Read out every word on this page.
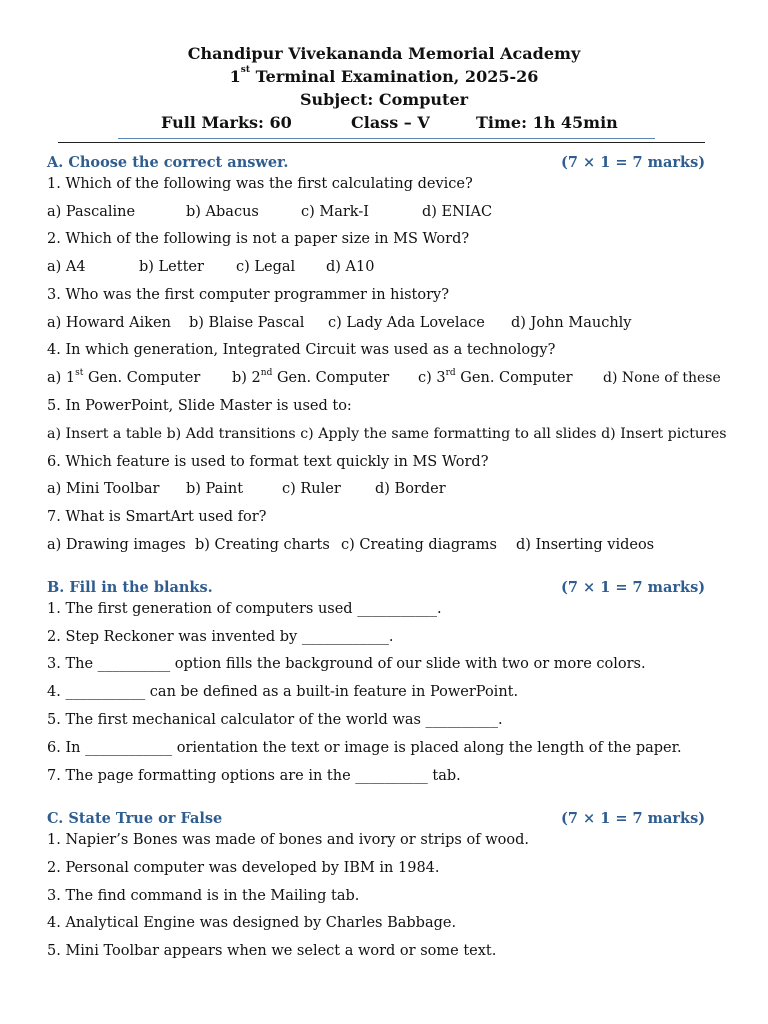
Chandipur Vivekananda Memorial Academy
1st Terminal Examination, 2025-26
Subject: Computer
Full Marks: 60	Class – V	Time: 1h 45min
A. Choose the correct answer.	(7 × 1 = 7 marks)
1. Which of the following was the first calculating device?
a) Pascaline	b) Abacus	c) Mark-I	d) ENIAC
2. Which of the following is not a paper size in MS Word?
a) A4	b) Letter c) Legal d) A10
3. Who was the first computer programmer in history?
a) Howard Aiken b) Blaise Pascal c) Lady Ada Lovelace d) John Mauchly
4. In which generation, Integrated Circuit was used as a technology?
a) 1st Gen. Computer b) 2nd Gen. Computer c) 3rd Gen. Computer d) None of these
5. In PowerPoint, Slide Master is used to:
a) Insert a table b) Add transitions c) Apply the same formatting to all slides d) Insert pictures
6. Which feature is used to format text quickly in MS Word?
a) Mini Toolbar b) Paint	c) Ruler d) Border
7. What is SmartArt used for?
a) Drawing images b) Creating charts c) Creating diagrams d) Inserting videos
B. Fill in the blanks.	(7 × 1 = 7 marks)
1. The first generation of computers used ___________.
2. Step Reckoner was invented by ____________.
3. The __________ option fills the background of our slide with two or more colors.
4. ___________ can be defined as a built-in feature in PowerPoint.
5. The first mechanical calculator of the world was __________.
6. In ____________ orientation the text or image is placed along the length of the paper.
7. The page formatting options are in the __________ tab.
C. State True or False	(7 × 1 = 7 marks)
1. Napier’s Bones was made of bones and ivory or strips of wood.
2. Personal computer was developed by IBM in 1984.
3. The find command is in the Mailing tab.
4. Analytical Engine was designed by Charles Babbage.
5. Mini Toolbar appears when we select a word or some text.
